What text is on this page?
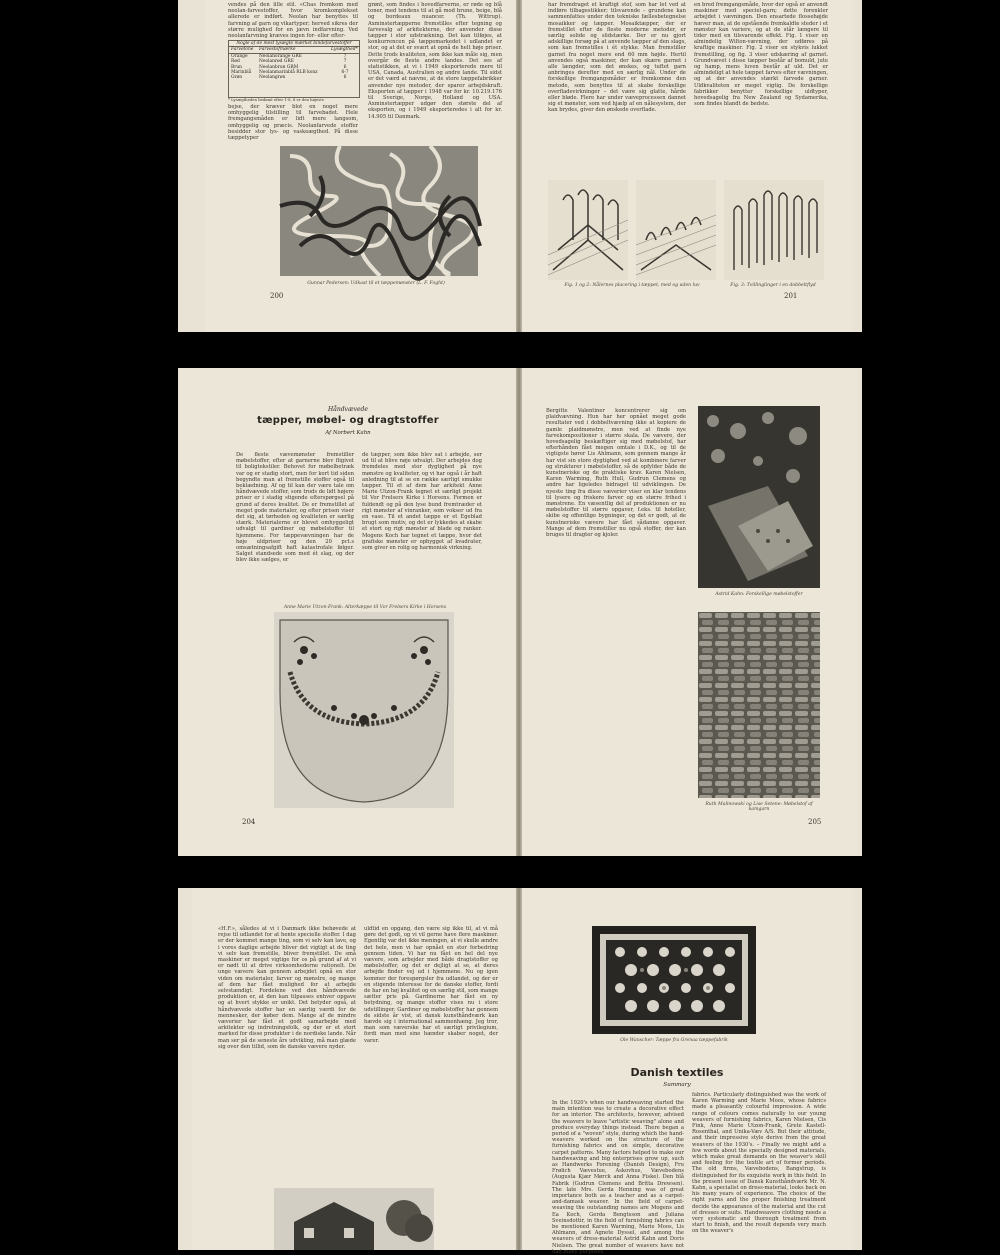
vendes på den lille stil. «Chas fremkom med neolan-farvestoffer, hvor kromkomplekset allerede er indført. Neolan har benyttes til farvning af garn og vikartyper; herved sikres der større mulighed for en jævn indfarvning. Ved neolanfarvning kræves ingen for- eller efter-
Nogle af de mest lysægte mærket bindefarvestoffer
Farvetone	Farvestofmærke	Lysægthed*
Orange	Neolanorange GRE	7
Rød	Neolanrød GRE	7
Brun	Neolanbrun GRM	6
Marinblå	Neolanmarinblå RLB konz	6-7
Grøn	Neolangrøn	6
* Lysægtheden bedømt efter 1-8, 8 er den højeste
bejse, der kræver blot en noget mere omhyggelig tilstilling til farvebadet. Hele fremgangsmåden er lidt mere langsom, omhyggelig og præcis. Neolanfarvede stoffer besidder stor lys- og vaskeægthed. På disse tæppetyper
grønt, som findes i hovedfarverne, er røde og blå toner, med tendens til at gå mod brune, beige, blå og bordeaux nuancer. (Th. Wittrup). Axminstertæpperne fremstilles efter tegning og farvevalg af arkitekterne, der anvender disse tæpper i stor udstrækning. Det kan tilføjes, at konkurrencen på tæppemarkedet i udlandet er stor, og at det er svært at opnå de helt høje priser. Dette trods kvaliteten, som ikke kan måle sig, men overgår de fleste andre landes. Det ses af statistikken, at vi i 1949 eksporterede mere til USA, Canada, Australien og andre lande. Til sidst er det værd at nævne, at de store tæppefabrikker anvender nye metoder, der sparer arbejdskraft. Eksporten af tæpper i 1948 var for kr. 10.219.176 til Sverige, Norge, Holland og USA. Axminstertæpper udgør den største del af eksporten, og i 1949 eksporteredes i alt for kr. 14.905 til Danmark.
Gunnar Pedersen: Udkast til et tæppemønster (L. F. Foght)
200
har fremdraget et kraftigt stof, som har let ved at indføre tilbagestikker; tilsvarende – grundene kan sammenfattes under den tekniske fællesbetegnelse mosaikker og tæpper. Mosaiktæpper, der er fremstillet efter de fleste moderne metoder, er særlig solide og slidstærke. Der er nu gjort adskillige forsøg på at anvende tæpper af den slags, som kan fremstilles i ét stykke. Man fremstiller garnet fra noget mere end 60 mm højde. Hertil anvendes også maskiner, der kan skære garnet i alle længder, som det ønskes, og tuftet garn anbringes derefter med en særlig nål. Under de forskellige fremgangsmåder er fremkomne den metode, som benyttes til at skabe forskellige overfladevirkninger – det være sig glatte, hårde eller bløde. Flere har under væveprocessen dannet sig et mønster, som ved hjælp af en nålesystem, der kan brydes, giver den ønskede overflade.
en bred fremgangsmåde, hvor der også er anvendt maskiner med speciel-garn; dette forenkler arbejdet i vævningen. Den ensartede flossehøjde hæver man, at de opstående fremkaldte steder i et mønster kan variere, og at de står længere til tider med en tilsvarende effekt. Fig. 1 viser en almindelig Wilton-vævning, der udføres på kraftige maskiner. Fig. 2 viser en stykvis lukket fremstilling, og fig. 3 viser udskæring af garnet. Grundvævet i disse tæpper består af bomuld, jute og hamp, mens luven består af uld. Det er almindeligt at hele tæppet farves efter vævningen, og at der anvendes stærkt farvede garner. Uldkvaliteten er meget vigtig. De forskellige fabrikker benytter forskellige uldtyper, hovedsagelig fra New Zealand og Sydamerika, som findes blandt de bedste.
Fig. 1 og 2: Nålernes placering i tæppet, med og uden luv	Fig. 3: Tvillinglinger i en dobbeltflyd
201
Håndvævede
tæpper, møbel- og dragtstoffer
Af Norbert Kahn
De fleste vævemønster fremstiller møbelstoffer, efter at garnerne blev fligivet til boligtekstiler. Behovet for møbelbetræk var og er stadig stort, men for kort tid siden begyndte man at fremstille stoffer også til beklædning. Af og til kan der være tale om håndvævede stoffer, som trods de lidt højere priser er i stadig stigende efterspørgsel på grund af deres kvalitet. De er fremstillet af meget gode materialer, og efter prisen viser det sig, at tørheden og kvaliteten er særlig stærk. Materialerne er blevet omhyggeligt udvalgt til gardiner og møbelstoffer til hjemmene. For tæppevævningen har de høje uldpriser og den 20 pct.s omsætningsafgift haft katastrofale følger. Salget standsede som med ét slag, og der blev ikke sælges, er
de tæpper, som ikke blev sat i arbejde, ser ud til at blive nøje udvalgt. Der arbejdes dog fremdeles med stor dygtighed på nye mønstre og kvaliteter, og vi har også i år haft anledning til at se en række særligt smukke tæpper. Til et af dem har arkitekt Anne Marie Utzon-Frank tegnet et særligt projekt til Vor Frelsers Kirke i Horsens. Formen er fuldendt og på den lyse bund fremtræder et rigt mønster af vinranker, som vokser ud fra en vase. Til et andet tæppe er et Egeblad brugt som motiv, og det er lykkedes at skabe et stort og rigt mønster af blade og ranker. Mogens Koch har tegnet et tæppe, hvor det grafiske mønster er opbygget af kvadrater, som giver en rolig og harmonisk virkning.
Anne Marie Utzon-Frank: Alterkæppe til Vor Frelsers Kirke i Horsens
204
Bergitte Valentiner koncentrerer sig om plaidvævning. Hun har her opnået meget gode resultater ved i dobbeltvævning ikke at kopiere de gamle plaidmønstre, men ved at finde nye farvekompositioner i større skala. De vævere, der hovedsagelig beskæftiger sig med møbelstof, har efterhånden fået megen omtale i D.K., og til de vigtigste hører Lis Ahlmann, som gennem mange år har vist sin store dygtighed ved at kombinere farver og strukturer i møbelstoffer, så de opfylder både de kunstneriske og de praktiske krav. Karen Nielsen, Karen Warming, Ruth Hull, Gudrun Clemens og andre har ligeledes bidraget til udviklingen. De nyeste ting fra disse væverier viser en klar tendens til lysere og friskere farver og en større frihed i mønstrene. En væsentlig del af produktionen er nu møbelstoffer til større opgaver, f.eks. til hoteller, skibe og offentlige bygninger, og det er godt, at de kunstneriske vævere har fået sådanne opgaver. Mange af dem fremstiller nu også stoffer, der kan bruges til dragter og kjoler.
Astrid Kahn: Forskellige møbelstoffer
Ruth Malinowski og Lise Setene: Møbelstof af kamgarn
205
«H.F.», således at vi i Danmark ikke behøvede at rejse til udlandet for at hente specielle stoffer. I dag er der kommet mange ting, som vi selv kan lave, og i vores daglige arbejde bliver det vigtigt at de ting vi selv kan fremstille, bliver fremstillet. De små maskiner er meget vigtige for os på grund af at vi er nødt til at drive virksomhederne rationelt. De unge vævere kan gennem arbejdet opnå en stor viden om materialer, farver og mønstre, og mange af dem har fået mulighed for at arbejde selvstændigt. Fordelene ved den håndvævede produktion er, at den kan tilpasses enhver opgave og at hvert stykke er unikt. Det betyder også, at håndvævede stoffer har en særlig værdi for de mennesker, der køber dem. Mange af de mindre væverier har fået et godt samarbejde med arkitekter og indretningsfolk, og der er et stort marked for disse produkter i de nordiske lande. Når man ser på de seneste års udvikling, må man glæde sig over den tillid, som de danske vævere nyder.
uldtid en opgang, den være sig ikke til, at vi må gøre det godt, og vi vil gerne have flere maskiner. Egentlig var det ikke meningen, at vi skulle ændre det hele, men vi har opnået en stor forbedring gennem tiden. Vi har nu fået en hel del nye vævere, som arbejder med både dragtstoffer og møbelstoffer, og det er dejligt at se, at deres arbejde finder vej ud i hjemmene. Nu og igen kommer der forespørgsler fra udlandet, og der er en stigende interesse for de danske stoffer, fordi de har en høj kvalitet og en særlig stil, som mange sætter pris på. Gardinerne har fået en ny betydning, og mange stoffer vises nu i store udstillinger. Gardiner og møbelstoffer har gennem de sidste år vist, at dansk kunsthåndværk kan hævde sig i international sammenhæng. Jeg tror, man som væverske har et særligt privilegium, fordi man med sine hænder skaber noget, der varer.	Ole Wanscher: Tæppe fra Grenaa tæppefabrik
Danish textiles
Summary
In the 1920's when our handweaving started the main intention was to create a decorative effect for an interior. The architects, however, advised the weavers to leave "artistic weaving" alone and produce everyday things instead. There began a period of a "woven" style, during which the hand-weavers worked on the structure of the furnishing fabrics and on simple, decorative carpet patterns. Many factors helped to make our handweaving and big enterprises grow up, such as Handwerks Forening (Danish Design), Fru Frølich Vævestue, Askovhus, Vævebodens (Augusta Kjær Mørck and Anna Fiske). Den blå Fabrik (Gudrun Clemens and Britta Drewsen). The late Mrs. Gerda Henning was of great importance both as a teacher and as a carpet-and-damask weaver. In the field of carpet-weaving the outstanding names are Mogens and Ea Koch, Gerda Bengtsson and Juliana Sveinsdottir, in the field of furnishing fabrics can be mentioned Karen Warming, Marie Moos, Lis Ahlmann, and Agnete Dyssel, and among the weavers of dress-material Astrid Kahn and Doris Nielsen. The great number of weavers have not had many purposes,
fabrics. Particularly distinguished was the work of Karen Warming and Marie Moos, whose fabrics made a pleasantly colourful impression. A wide range of colours comes naturally to our young weavers of furnishing fabrics, Karen Nielsen, Cis Fink, Anne Marie Utzon-Frank, Grete Kastell-Rosenthal, and Unika-Væv A/S. But their attitude, and their impressive style derive from the great weavers of the 1930's. – Finally we might add a few words about the specially designed materials, which make great demands on the weaver's skill and feeling for the textile art of former periods. The old firms, Vævebodens, Bangstrup, is distinguished for its exquisite work in this field. In the present issue of Dansk Kunsthåndværk Mr. N. Kahn, a specialist on dress-material, looks back on his many years of experience. The choice of the right yarns and the proper finishing treatment decide the appearance of the material and the cut of dresses or suits. Handweavers clothing needs a very systematic and thorough treatment from start to finish, and the result depends very much on the weaver's
